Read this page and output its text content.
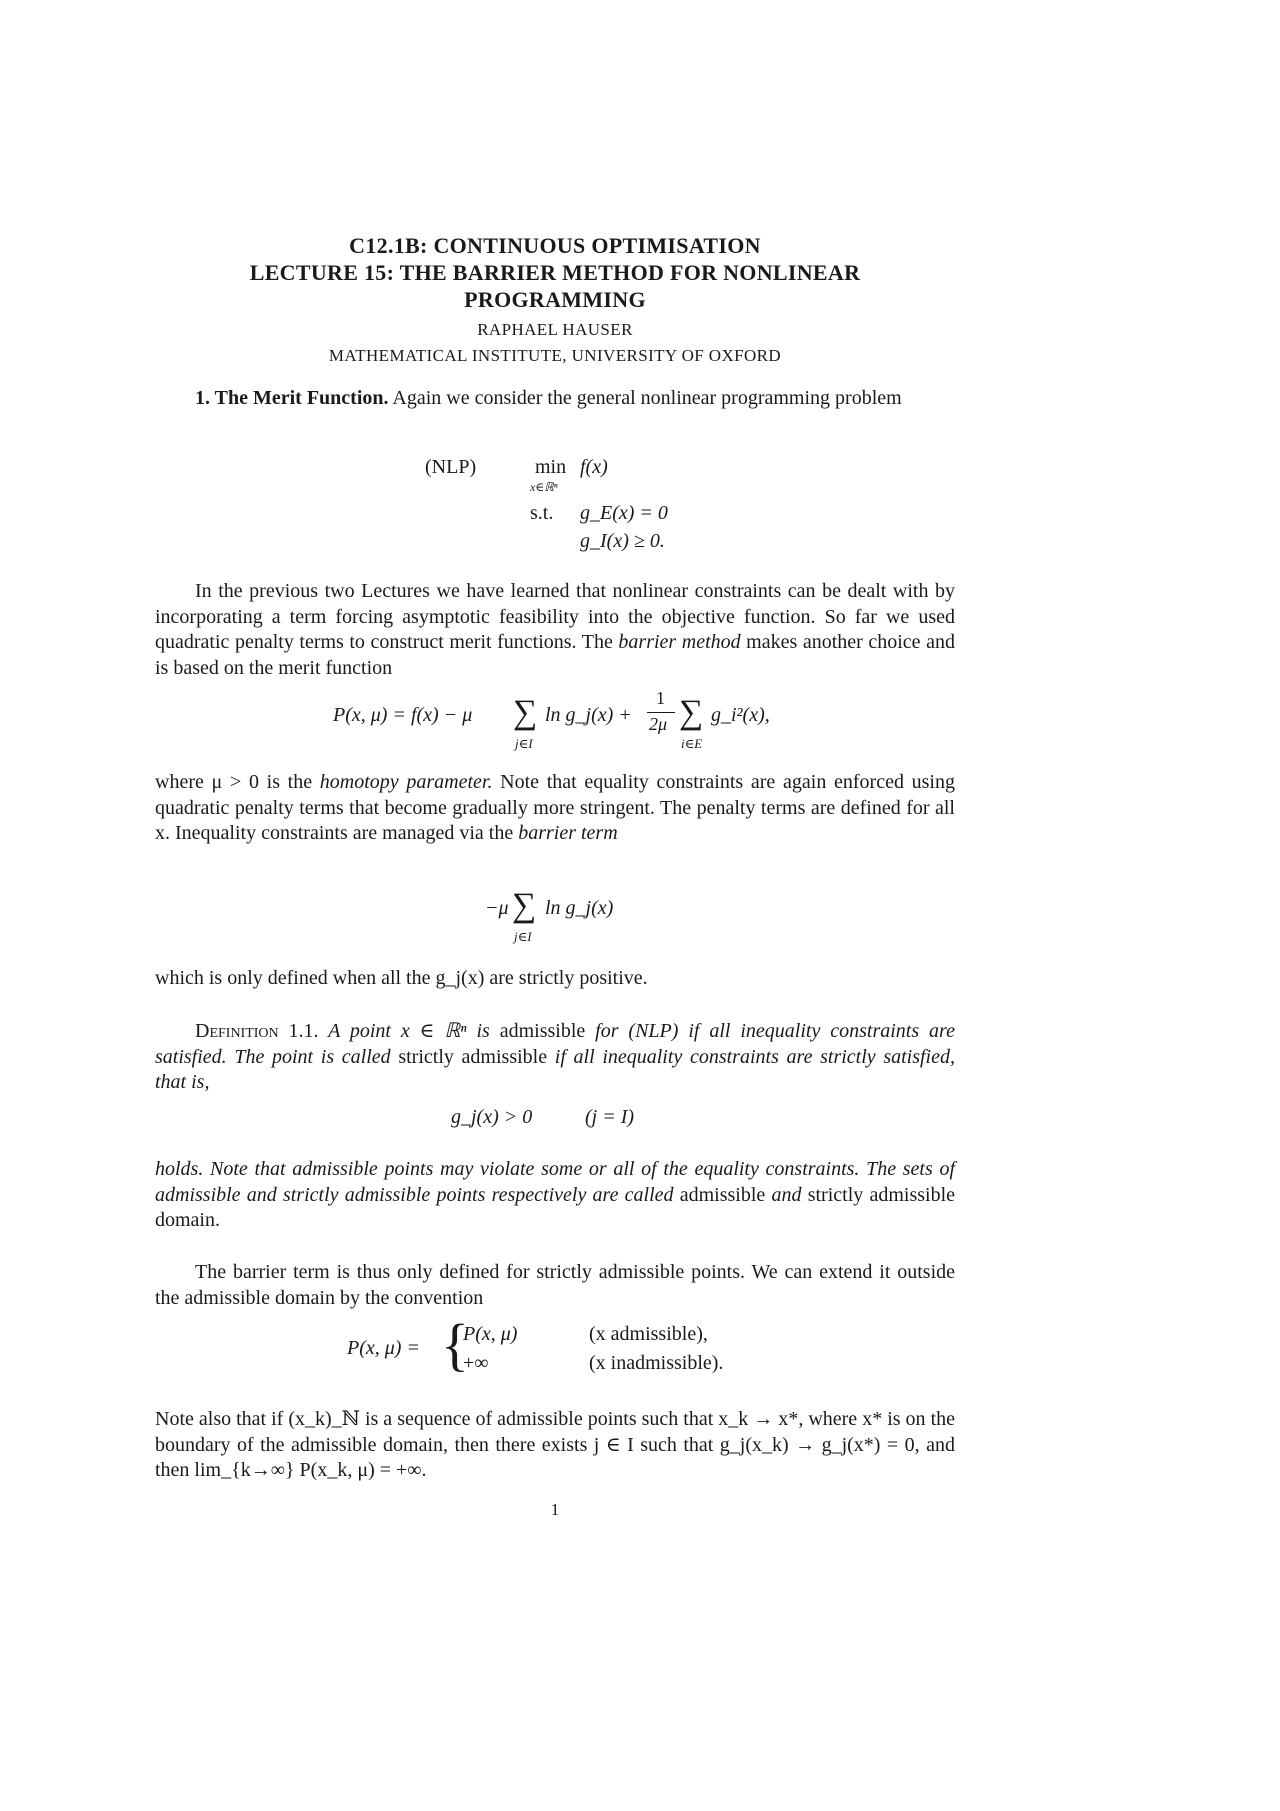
C12.1B: CONTINUOUS OPTIMISATION
LECTURE 15: THE BARRIER METHOD FOR NONLINEAR
PROGRAMMING
RAPHAEL HAUSER
MATHEMATICAL INSTITUTE, UNIVERSITY OF OXFORD

1. The Merit Function. Again we consider the general nonlinear programming problem

(NLP)	min
x∈ℝⁿ
f(x)
s.t. g_E(x) = 0
g_I(x) ≥ 0.

In the previous two Lectures we have learned that nonlinear constraints can be dealt with by incorporating a term forcing asymptotic feasibility into the objective function. So far we used quadratic penalty terms to construct merit functions. The barrier method makes another choice and is based on the merit function

P(x, μ) = f(x) − μ ∑
j∈I
ln g_j(x) +
1
2μ ∑
i∈E
g_i²(x),

where μ > 0 is the homotopy parameter. Note that equality constraints are again enforced using quadratic penalty terms that become gradually more stringent. The penalty terms are defined for all x. Inequality constraints are managed via the barrier term

−μ ∑
j∈I
ln g_j(x)

which is only defined when all the g_j(x) are strictly positive.

Definition 1.1. A point x ∈ ℝⁿ is admissible for (NLP) if all inequality constraints are satisfied. The point is called strictly admissible if all inequality constraints are strictly satisfied, that is,

g_j(x) > 0	(j = I)

holds. Note that admissible points may violate some or all of the equality constraints. The sets of admissible and strictly admissible points respectively are called admissible and strictly admissible domain.

The barrier term is thus only defined for strictly admissible points. We can extend it outside the admissible domain by the convention

P(x, μ) = {
P(x, μ)	(x admissible),
+∞	(x inadmissible).

Note also that if (x_k)_ℕ is a sequence of admissible points such that x_k → x*, where x* is on the boundary of the admissible domain, then there exists j ∈ I such that g_j(x_k) → g_j(x*) = 0, and then lim_{k→∞} P(x_k, μ) = +∞.

1
